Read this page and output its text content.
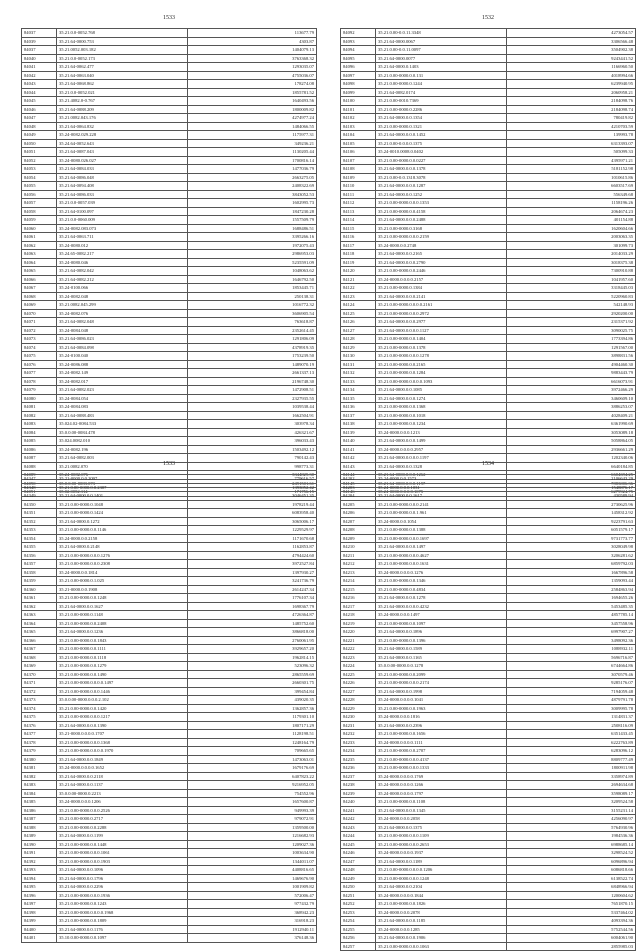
1533
84037	35.21.0.0-0052.768	113677.79
84039	35.21.64-0000.753	4303.87
84037	35.21.0052.003.182	1404079.13
84040	35.21.0.0-0052.173	3763368.32
84041	35.21.64-0062.477	1293035.07
84042	35.21.64-0063.040	4755036.07
84043	35.21.64-0068.862	178274.08
84044	35.21.0.0-0052.021	1855781.52
84045	35.21.4082.0-0.767	1640493.56
84046	35.21.64-0088.209	1800009.82
84047	35.21.0082.043.176	4274977.24
84048	35.21.64-0064.832	1484066.55
84049	35.24-0082.029.228	1175977.31
84050	35.24.64-0052.643	349236.21
84051	35.21.64-0087.043	1130205.44
84052	35.24-0080.026.027	1700816.14
84053	35.21.64-0084.033	1477036.79
84054	35.21.64-0086.048	2663275.05
84055	35.21.64-0094.408	2408322.69
84056	35.21.64-0086.033	3843052.53
84057	35.21.0.0-0057.039	1602995.73
84058	35.21.64-0100.097	1847230.28
84059	35.21.0.0-0060.009	1557509.79
84060	35.24-0082.083.073	1688486.51
84061	35.21.64-0063.711	3395266.16
84062	35.24-0080.012	1972075.43
84063	35.24.65-0082.217	2986953.03
84064	35.24-0080.046	5235591.09
84065	35.21.64-0082.042	1048063.62
84066	35.21.64-0082.212	1646792.50
84067	35.24-0100.066	1853445.71
84068	35.24-0082.048	250138.31
84069	35.21.0082.045.299	1016772.32
84070	35.24-0082.076	3606905.54
84071	35.21.64-0082.048	763618.87
84072	35.24-0084.048	2352614.45
84073	35.21.64-0086.023	1291806.09
84074	35.21.64-0084.098	4378919.35
84075	35.24-0100.040	1753239.50
84076	35.24-0086.088	1489070.19
84077	35.24-0082.149	2661337.13
84078	35.24-0082.017	2196748.30
84079	35.21.64-0082.023	1472908.51
84080	35.24-0084.054	2327935.55
84081	35.24-0084.083	1039538.44
84082	35.21.64-0088.483	1662504.91
84083	35.024.02-0084.533	303978.34
84084	35.0.0.00-0084.478	426321.67
84085	35.024.0082.010	396033.43
84086	35.24-0082.196	1503492.12
84087	35.21.64-0082.003	790142.43
84088	35.21.0082.070	998773.31
84089	35.24-0082.076	3344825.30
84090	35.0.0.00-0083.073	2491501.61
84091	35.02.0052.114	171756.15
1532
84092	35.21.0.00-0.0.11.3348	4273054.57
84093	35.21.64-0000.0067	3306566.48
84094	35.21.0.00-0.0.11.0097	3504902.38
84095	35.21.64-0000.0077	9243441.52
84096	35.21.64-0000.0.1403	1166960.50
84097	35.21.0.00-0000.0.0.131	4018994.66
84098	35.21.0.00-0000.0.1244	6239940.95
84099	35.21.64-0082.0174	2060958.21
84100	35.21.0.00-0010.7369	2184098.76
84101	35.21.0.00-0000.0.2286	2184098.74
84102	35.21.64-0000.0.0.1354	780419.82
84103	35.21.0.00-0000.0.1321	4210703.59
84104	35.21.64-0000.0.0.0.1452	139993.78
84105	35.21.0.00-0.0.0.0.1375	6313393.07
84106	35.24-0010.0008.0.0402	505099.33
84107	35.21.0.00-0000.0.0.0227	4395971.21
84108	35.21.64-0000.0.0.0.1378	5181152.98
84109	35.21.0.00-0.0.1318.3078	1010615.86
84110	35.21.64-0000.0.0.0.1287	6603517.69
84111	35.21.64-0000.0.0.1252	556349.68
84112	35.21.0.00-0000.0.0.0.1353	1158196.26
84113	35.21.0.00-0000.0.0.4158	2064674.23
84114	35.21.64-0000.0.0.0.2488	401154.88
84115	35.21.0.00-0000.0.3168	1620604.66
84116	35.21.0.00-0000.0.0.0.2159	2003063.35
84117	35.24-0000.0.0.2748	301099.73
84118	35.21.64-0000.0.0.2165	2014033.29
84119	35.21.64-0000.0.0.0.2790	3018375.38
84120	35.21.0.00-0000.0.0.2446	7300910.88
84121	35.24-0000.0.0.0.0.2157	1041957.60
84122	35.21.0.00-0000.0.1384	3318445.03
84123	35.21.64-0000.0.0.0.2141	5220960.83
84124	35.21.0.00-0000.0.0.0.0.2161	542148.93
84125	35.21.0.00-0000.0.0.0.2972	2920200.00
84126	35.21.64-0000.0.0.0.2977	2315371.92
84127	35.21.64-0000.0.0.0.0.1127	3090025.75
84128	35.21.0.00-0000.0.0.1404	1773394.86
84129	35.21.0.00-0000.0.0.1378	1291567.00
84130	35.21.0.00-0000.0.0.0.1278	3898831.56
84131	35.21.0.00-0000.0.0.2165	4904460.30
84132	35.21.0.00-0000.0.0.1284	9883443.79
84133	35.21.0.00-0000.0.0.0.0.1093	6616073.91
84134	35.21.64-0000.0.0.1085	3972466.29
84135	35.21.64-0000.0.0.0.1274	3460609.10
84136	35.21.0.00-0000.0.0.1368	3886253.07
84137	35.21.0.00-0000.0.0.1018	4028409.21
84138	35.21.0.00-0000.0.0.1234	6361990.69
84139	35.24-0000.0.0.0.1213	3053089.18
84140	35.21.64-0000.0.0.0.1499	5058864.05
84141	35.24-0000.0.0.0.0.2957	2936661.29
84142	35.21.64-0000.0.0.0.0.1197	1202340.06
84143	35.21.64-0000.0.0.1328	6640184.85
84144	35.21.64-0000.0.0.0.1262	6604694.25
84145	35.21.64-0000.0.0.0.1197	7883006.36
84146	35.24-0000.0.0.0.0.1075	6279924.75
1533
84347	35.21-0000.0.0.2097	779616.57
84348	35.21.0.00-0000.0.0.2307	1393052.42
84349	35.21.64-0000.0.0.1401	3046451.35
84350	35.21.0.00-0000.0.1048	1978219.44
84351	35.21.0.00-0000.0.1424	6083958.40
84352	35.21.64-0000.0.1272	3065006.17
84353	35.21.0.00-0000.0.0.1146	1229529.97
84354	35.24-0000.0.0.2158	1171670.68
84355	35.21.64-0000.0.2148	1162853.87
84356	35.21.0.00-0000.0.0.0.1276	4794424.60
84357	35.21.0.00-0000.0.0.0.2308	3972527.84
84358	35.24-0000.0.0.1814	1397930.27
84359	35.21.0.00-0000.0.1.025	3241736.79
84360	35.21-0000.0.0.1908	2614247.34
84361	35.21.0.00-0000.0.0.1248	1776107.34
84362	35.21.64-0000.0.0.1627	1698367.79
84363	35.21.0.00-0000.0.1148	4726364.87
84364	35.21.0.00-0000.0.0.2408	1485752.60
84365	35.21.64-0000.0.0.1236	3866818.00
84366	35.21.0.00-0000.0.0.1843	2760061.95
84367	35.21.0.00-0000.0.0.1111	3929657.20
84368	35.21.0.00-0000.0.0.1118	1962814.15
84369	35.21.0.00-0000.0.0.1279	523096.32
84370	35.21.0.00-0000.0.0.1490	2865559.69
84371	35.21.0.00-0000.0.0.0.0.1497	2660301.75
84372	35.21.0.00-0000.0.0.0.1446	399454.84
84373	35.0.0.00-0000.0.0.0.2.102	439020.35
84374	35.21.0.00-0000.0.0.1420	1362857.36
84375	35.21.0.00-0000.0.0.0.1217	1179301.10
84376	35.21.64-0000.0.0.0.1390	1807171.29
84377	35.21-0000.0.0.0.0.1707	1128198.51
84378	35.21.0.00-0000.0.0.0.1368	1248164.79
84379	35.21.0.00-0000.0.0.0.0.1970	709665.65
84380	35.21.64-0000.0.0.1849	1473063.01
84381	35.24-0000.0.0.0.0.1652	1679176.69
84382	35.21.64-0000.0.0.2118	6407823.22
84383	35.21.64-0000.0.0.1137	9216952.05
84384	35.0.0.00-0000.0.2213	754552.96
84385	35.24-0000.0.0.0.1206	1657600.87
84386	35.21.0.00-0000.0.0.0.2526	949993.39
84387	35.21.0.00-0000.0.2717	979072.91
84388	35.21.0.00-0000.0.0.2288	1359500.00
84389	35.21.64-0000.0.0.1199	1216682.93
84390	35.21.0.00-0000.0.0.1448	1209027.36
84391	35.21.0.00-0000.0.0.0.1061	1003634.90
84392	35.21.0.00-0000.0.0.0.1903	1344011.07
84393	35.21.64-0000.0.0.1096	4408816.65
84394	35.21.64-0000.0.0.1796	1469676.90
84395	35.21.64-0000.0.0.2296	1001909.82
84396	35.21.0.00-0000.0.0.0.1936	572006.47
84397	35.21.0.00-0000.0.0.1243	977432.79
84398	35.21.0.00-0000.0.0.0.0.1968	368942.23
84399	35.21.0.00-0000.0.0.1809	316918.23
84400	35.21.64-0000.0.0.1176	1912940.11
84401	35.10.0.00-0000.0.0.1097	376148.36
1534
84202	35.24-0000.0.0.1573	2106643.29
84203	35.24-0000.0.0.0.1031	1548876.17
84204	35.21.64-0000.0.0.1617	430589.94
84205	35.21.0.00-0000.0.0.0.2141	2730625.96
84206	35.21.0.00-0000.0.0.1.961	1458312.92
84207	35.24-0000.0.0.1054	9223791.63
84208	35.21.0.00-0000.0.0.1388	6051579.17
84209	35.21.0.00-0000.0.0.0.1697	9731773.77
84210	35.21.64-0000.0.0.0.1497	3028049.98
84211	35.21.0.00-0000.0.0.0.4627	3206281.62
84212	35.21.0.00-0000.0.0.0.1631	6859792.03
84213	35.24-0000.0.0.0.0.1276	1667896.58
84214	35.21.0.00-0000.0.0.1346	1359093.44
84215	35.21.0.00-0000.0.0.4834	2584863.94
84216	35.21.64-0000.0.0.0.1278	1694655.26
84217	35.21.64-0000.0.0.0.0.4232	5453485.35
84218	35.24-0000.0.0.0.1497	4857785.14
84219	35.21.0.00-0000.0.0.1097	3457558.96
84220	35.21.64-0000.0.0.1896	6997907.27
84221	35.21.0.00-0000.0.0.1396	3498092.36
84222	35.21.64-0000.0.0.1589	1088932.11
84223	35.21.64-0000.0.0.1165	5696716.87
84224	35.0.0.00-0000.0.0.1278	6744664.86
84225	35.21.0.00-0000.0.0.2099	3070579.46
84226	35.21.0.00-0000.0.0.0.2174	9285176.07
84227	35.21.64-0000.0.0.1998	7194059.48
84228	35.24-0000.0.0.0.0.1041	4879791.78
84229	35.21.0.00-0000.0.0.1963	3009995.78
84230	35.24-0000.0.0.0.1816	1314831.37
84231	35.21.64-0000.0.0.2396	2508116.09
84232	35.21.0.00-0000.0.0.1656	6351433.45
84233	35.24-0000.0.0.0.0.1111	6222763.89
84234	35.21.0.00-0000.0.0.2707	6283096.12
84235	35.21.0.00-0000.0.0.0.4137	8809777.49
84236	35.21.0.00-0000.0.0.0.1333	1800911.98
84237	35.24-0000.0.0.0.0.1769	3358974.89
84238	35.24-0000.0.0.0.0.1266	2694634.68
84239	35.24-0000.0.0.0.0.1797	3598089.17
84240	35.21.0.00-0000.0.0.1108	3209524.58
84241	35.21.64-0000.0.0.0.1345	3155231.14
84242	35.24-0000.0.0.0.2058	4256090.97
84243	35.21.64-0000.0.0.1375	5764930.96
84244	35.21.0.00-0000.0.0.0.1109	1984536.36
84245	35.21.0.00-0000.0.0.0.2653	6988685.14
84246	35.24-0000.0.0.0.0.1937	3298524.52
84247	35.21.64-0000.0.0.1189	6096896.94
84248	35.21.0.00-0000.0.0.0.0.1206	6086818.66
84249	35.21.0.00-0000.0.0.0.1248	6138522.74
84250	35.21.64-0000.0.0.2104	6848966.94
84251	35.24-0000.0.0.0.0.1844	1200604.62
84252	35.21.0.00-0000.0.0.1826	7651870.15
84253	35.24-0000.0.0.0.2078	5337464.02
84254	35.21.64-0000.0.0.0.1185	4093394.36
84255	35.24-0000.0.0.0.1285	5752544.56
84256	35.21.64-0000.0.0.0.1906	6004061.90
84257	35.21.0.00-0000.0.0.0.1063	2855985.03
